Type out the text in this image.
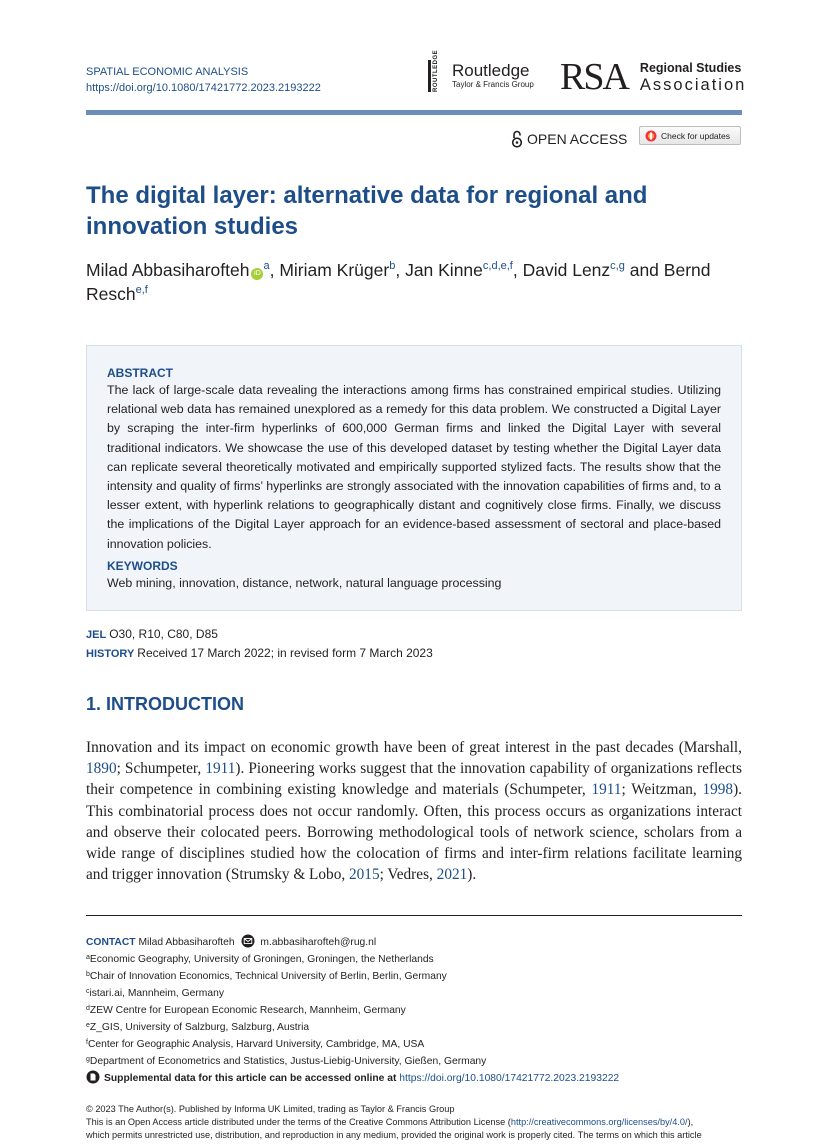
SPATIAL ECONOMIC ANALYSIS
https://doi.org/10.1080/17421772.2023.2193222	ROUTLEDGE Routledge
Taylor & Francis Group RSA Regional Studies
Association
OPEN ACCESS	Check for updates
The digital layer: alternative data for regional and innovation studies
Milad Abbasiharofteh $iD^a$, Miriam Krüger$^b$, Jan Kinne$^{c,d,e,f}$, David Lenz$^{c,g}$ and Bernd Resch$^{e,f}$
ABSTRACT

The lack of large-scale data revealing the interactions among firms has constrained empirical studies. Utilizing relational web data has remained unexplored as a remedy for this data problem. We constructed a Digital Layer by scraping the inter-firm hyperlinks of 600,000 German firms and linked the Digital Layer with several traditional indicators. We showcase the use of this developed dataset by testing whether the Digital Layer data can replicate several theoretically motivated and empirically supported stylized facts. The results show that the intensity and quality of firms’ hyperlinks are strongly associated with the innovation capabilities of firms and, to a lesser extent, with hyperlink relations to geographically distant and cognitively close firms. Finally, we discuss the implications of the Digital Layer approach for an evidence-based assessment of sectoral and place-based innovation policies.

KEYWORDS

Web mining, innovation, distance, network, natural language processing

JEL O30, R10, C80, D85
HISTORY Received 17 March 2022; in revised form 7 March 2023
1. INTRODUCTION

Innovation and its impact on economic growth have been of great interest in the past decades (Marshall, 1890; Schumpeter, 1911). Pioneering works suggest that the innovation capability of organizations reflects their competence in combining existing knowledge and materials (Schumpeter, 1911; Weitzman, 1998). This combinatorial process does not occur randomly. Often, this process occurs as organizations interact and observe their colocated peers. Borrowing methodological tools of network science, scholars from a wide range of disciplines studied how the colocation of firms and inter-firm relations facilitate learning and trigger innovation (Strumsky & Lobo, 2015; Vedres, 2021).

CONTACT Milad Abbasiharofteh	m.abbasiharofteh@rug.nl
$^a$Economic Geography, University of Groningen, Groningen, the Netherlands
$^b$Chair of Innovation Economics, Technical University of Berlin, Berlin, Germany
$^c$istari.ai, Mannheim, Germany
$^d$ZEW Centre for European Economic Research, Mannheim, Germany
$^e$Z_GIS, University of Salzburg, Salzburg, Austria
$^f$Center for Geographic Analysis, Harvard University, Cambridge, MA, USA
$^g$Department of Econometrics and Statistics, Justus-Liebig-University, Gießen, Germany
Supplemental data for this article can be accessed online at https://doi.org/10.1080/17421772.2023.2193222
© 2023 The Author(s). Published by Informa UK Limited, trading as Taylor & Francis Group
This is an Open Access article distributed under the terms of the Creative Commons Attribution License (http://creativecommons.org/licenses/by/4.0/),
which permits unrestricted use, distribution, and reproduction in any medium, provided the original work is properly cited. The terms on which this article
